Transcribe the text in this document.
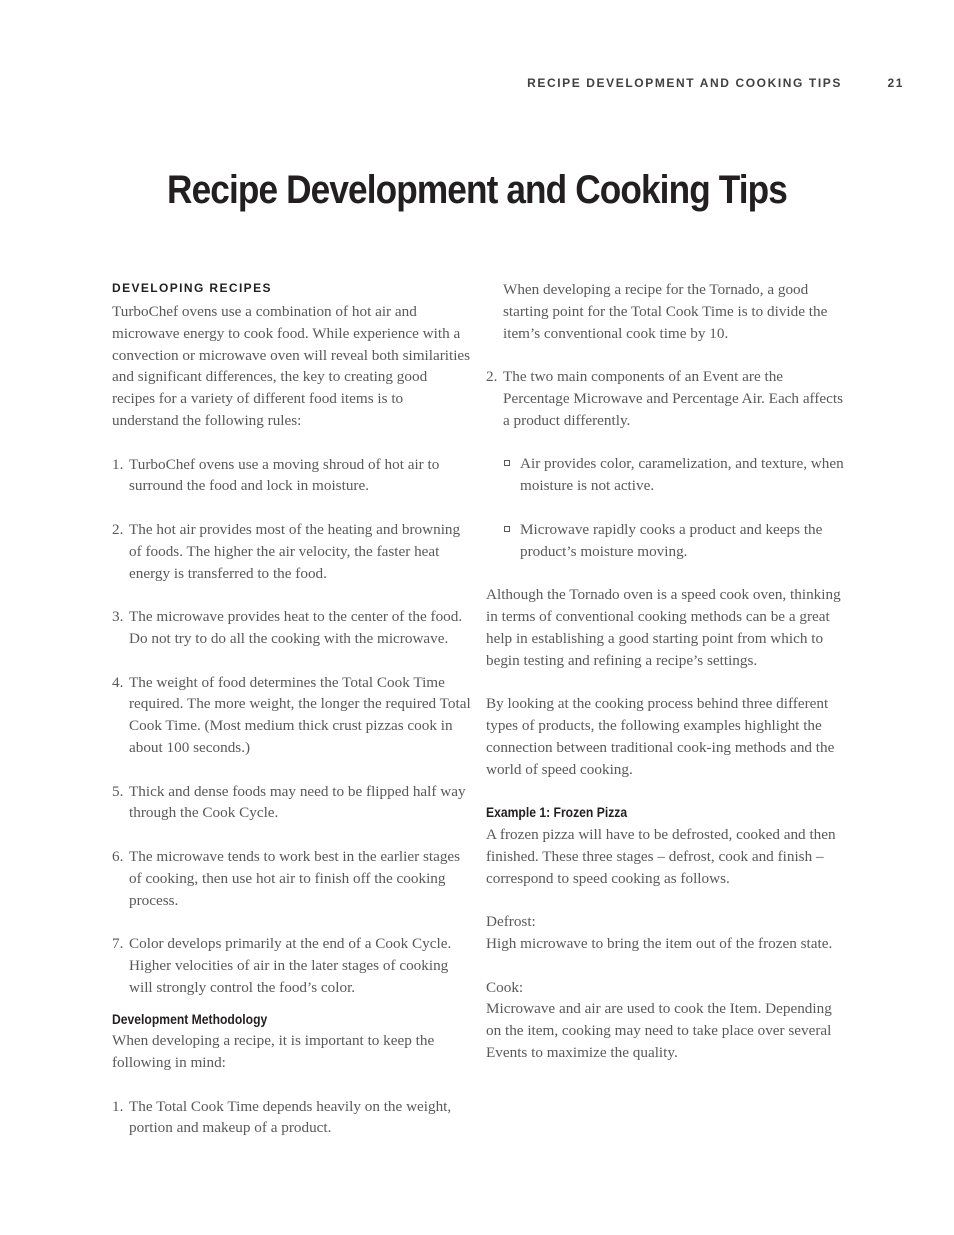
RECIPE DEVELOPMENT AND COOKING TIPS	21
Recipe Development and Cooking Tips
DEVELOPING RECIPES

TurboChef ovens use a combination of hot air and microwave energy to cook food. While experience with a convection or microwave oven will reveal both similarities and significant differences, the key to creating good recipes for a variety of different food items is to understand the following rules:

1. TurboChef ovens use a moving shroud of hot air to surround the food and lock in moisture.
2. The hot air provides most of the heating and browning of foods. The higher the air velocity, the faster heat energy is transferred to the food.
3. The microwave provides heat to the center of the food. Do not try to do all the cooking with the microwave.
4. The weight of food determines the Total Cook Time required. The more weight, the longer the required Total Cook Time. (Most medium thick crust pizzas cook in about 100 seconds.)
5. Thick and dense foods may need to be flipped half way through the Cook Cycle.
6. The microwave tends to work best in the earlier stages of cooking, then use hot air to finish off the cooking process.
7. Color develops primarily at the end of a Cook Cycle. Higher velocities of air in the later stages of cooking will strongly control the food’s color.
Development Methodology

When developing a recipe, it is important to keep the following in mind:

1. The Total Cook Time depends heavily on the weight, portion and makeup of a product.

When developing a recipe for the Tornado, a good starting point for the Total Cook Time is to divide the item’s conventional cook time by 10.

2. The two main components of an Event are the Percentage Microwave and Percentage Air. Each affects a product differently.
Air provides color, caramelization, and texture, when moisture is not active.
Microwave rapidly cooks a product and keeps the product’s moisture moving.

Although the Tornado oven is a speed cook oven, thinking in terms of conventional cooking methods can be a great help in establishing a good starting point from which to begin testing and refining a recipe’s settings.

By looking at the cooking process behind three different types of products, the following examples highlight the connection between traditional cook-ing methods and the world of speed cooking.

Example 1: Frozen Pizza

A frozen pizza will have to be defrosted, cooked and then finished. These three stages – defrost, cook and finish – correspond to speed cooking as follows.

Defrost:
High microwave to bring the item out of the frozen state.

Cook:
Microwave and air are used to cook the Item. Depending on the item, cooking may need to take place over several Events to maximize the quality.
